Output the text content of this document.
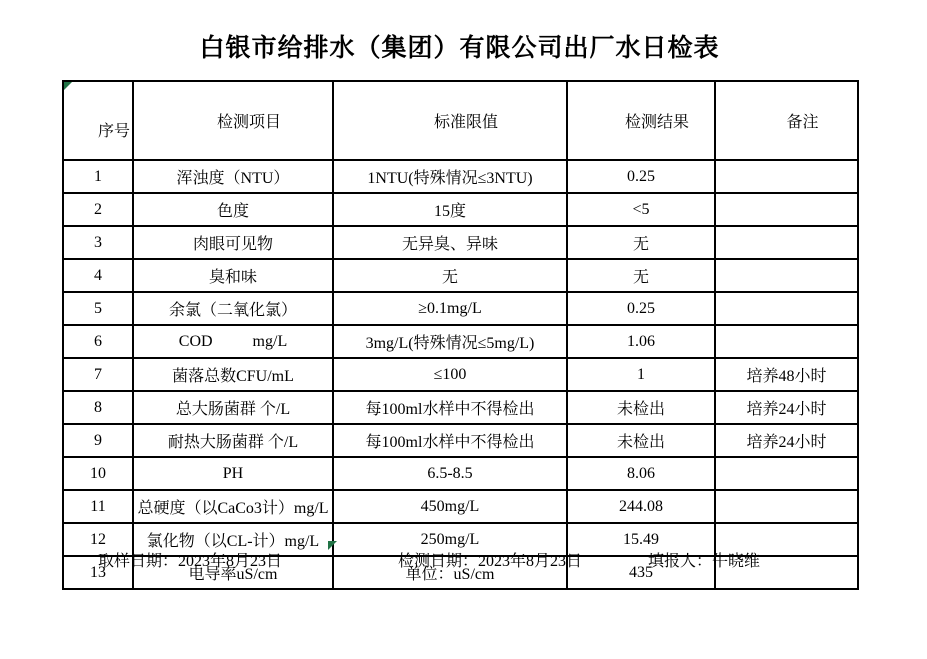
白银市给排水（集团）有限公司出厂水日检表

序号	检测项目	标准限值	检测结果	备注

1	浑浊度（NTU）	1NTU(特殊情况≤3NTU)	0.25	
2	色度	15度	<5	
3	肉眼可见物	无异臭、异味	无	
4	臭和味	无	无	
5	余氯（二氧化氯）	≥0.1mg/L	0.25	
6	COD          mg/L	3mg/L(特殊情况≤5mg/L)	1.06	
7	菌落总数CFU/mL	≤100	1	培养48小时
8	总大肠菌群 个/L	每100ml水样中不得检出	未检出	培养24小时
9	耐热大肠菌群 个/L	每100ml水样中不得检出	未检出	培养24小时
10	PH	6.5-8.5	8.06	
11	总硬度（以CaCo3计）mg/L	450mg/L	244.08	
12	氯化物（以CL-计）mg/L	250mg/L	15.49	
13	电导率uS/cm	单位：uS/cm	435	
取样日期：2023年8月23日	检测日期：2023年8月23日	填报人：牛晓维
